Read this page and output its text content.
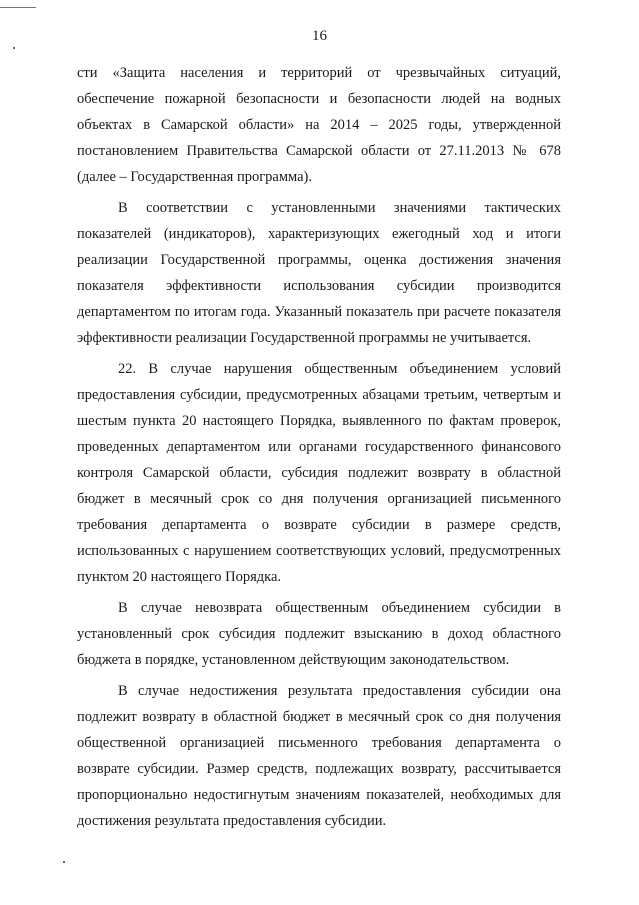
16

сти «Защита населения и территорий от чрезвычайных ситуаций, обеспечение пожарной безопасности и безопасности людей на водных объектах в Самарской области» на 2014 – 2025 годы, утвержденной постановлением Правительства Самарской области от 27.11.2013 № 678 (далее – Государственная программа).

В соответствии с установленными значениями тактических показателей (индикаторов), характеризующих ежегодный ход и итоги реализации Государственной программы, оценка достижения значения показателя эффективности использования субсидии производится департаментом по итогам года. Указанный показатель при расчете показателя эффективности реализации Государственной программы не учитывается.

22. В случае нарушения общественным объединением условий предоставления субсидии, предусмотренных абзацами третьим, четвертым и шестым пункта 20 настоящего Порядка, выявленного по фактам проверок, проведенных департаментом или органами государственного финансового контроля Самарской области, субсидия подлежит возврату в областной бюджет в месячный срок со дня получения организацией письменного требования департамента о возврате субсидии в размере средств, использованных с нарушением соответствующих условий, предусмотренных пунктом 20 настоящего Порядка.

В случае невозврата общественным объединением субсидии в установленный срок субсидия подлежит взысканию в доход областного бюджета в порядке, установленном действующим законодательством.

В случае недостижения результата предоставления субсидии она подлежит возврату в областной бюджет в месячный срок со дня получения общественной организацией письменного требования департамента о возврате субсидии. Размер средств, подлежащих возврату, рассчитывается пропорционально недостигнутым значениям показателей, необходимых для достижения результата предоставления субсидии.
